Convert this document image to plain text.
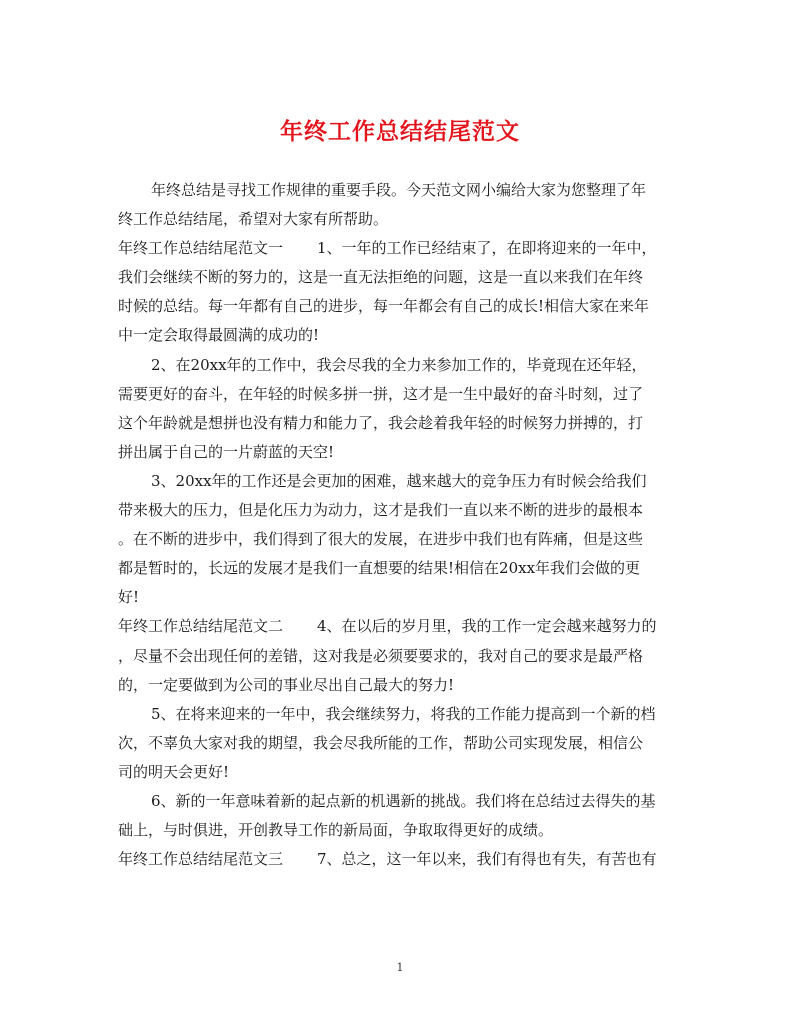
年终工作总结结尾范文
年终总结是寻找工作规律的重要手段。今天范文网小编给大家为您整理了年
终工作总结结尾，希望对大家有所帮助。
年终工作总结结尾范文一 1、一年的工作已经结束了，在即将迎来的一年中，
我们会继续不断的努力的，这是一直无法拒绝的问题，这是一直以来我们在年终
时候的总结。每一年都有自己的进步，每一年都会有自己的成长!相信大家在来年
中一定会取得最圆满的成功的!
2、在20xx年的工作中，我会尽我的全力来参加工作的，毕竟现在还年轻，
需要更好的奋斗，在年轻的时候多拼一拼，这才是一生中最好的奋斗时刻，过了
这个年龄就是想拼也没有精力和能力了，我会趁着我年轻的时候努力拼搏的，打
拼出属于自己的一片蔚蓝的天空!
3、20xx年的工作还是会更加的困难，越来越大的竞争压力有时候会给我们
带来极大的压力，但是化压力为动力，这才是我们一直以来不断的进步的最根本
。在不断的进步中，我们得到了很大的发展，在进步中我们也有阵痛，但是这些
都是暂时的，长远的发展才是我们一直想要的结果!相信在20xx年我们会做的更
好!
年终工作总结结尾范文二 4、在以后的岁月里，我的工作一定会越来越努力的
，尽量不会出现任何的差错，这对我是必须要要求的，我对自己的要求是最严格
的，一定要做到为公司的事业尽出自己最大的努力!
5、在将来迎来的一年中，我会继续努力，将我的工作能力提高到一个新的档
次，不辜负大家对我的期望，我会尽我所能的工作，帮助公司实现发展，相信公
司的明天会更好!
6、新的一年意味着新的起点新的机遇新的挑战。我们将在总结过去得失的基
础上，与时俱进，开创教导工作的新局面，争取取得更好的成绩。
年终工作总结结尾范文三 7、总之，这一年以来，我们有得也有失，有苦也有
1
